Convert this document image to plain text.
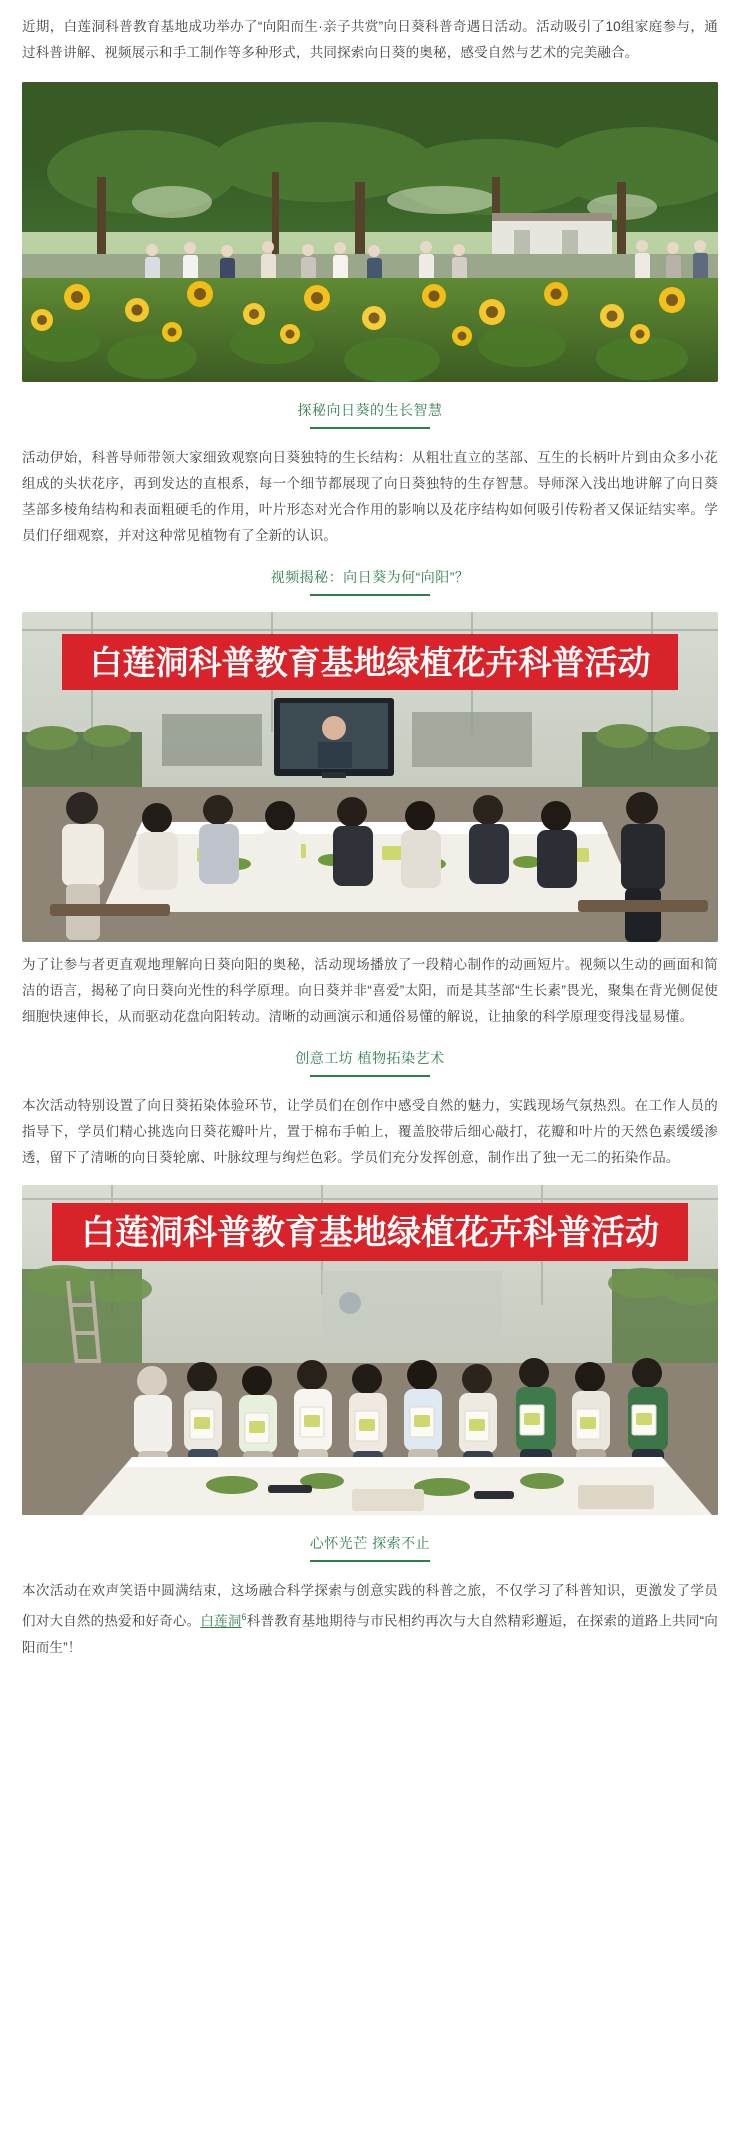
近期，白莲洞科普教育基地成功举办了“向阳而生·亲子共赏”向日葵科普奇遇日活动。活动吸引了10组家庭参与，通过科普讲解、视频展示和手工制作等多种形式，共同探索向日葵的奥秘，感受自然与艺术的完美融合。

探秘向日葵的生长智慧

活动伊始，科普导师带领大家细致观察向日葵独特的生长结构：从粗壮直立的茎部、互生的长柄叶片到由众多小花组成的头状花序，再到发达的直根系，每一个细节都展现了向日葵独特的生存智慧。导师深入浅出地讲解了向日葵茎部多棱角结构和表面粗硬毛的作用，叶片形态对光合作用的影响以及花序结构如何吸引传粉者又保证结实率。学员们仔细观察，并对这种常见植物有了全新的认识。

视频揭秘：向日葵为何“向阳”？
白莲洞科普教育基地绿植花卉科普活动

为了让参与者更直观地理解向日葵向阳的奥秘，活动现场播放了一段精心制作的动画短片。视频以生动的画面和简洁的语言，揭秘了向日葵向光性的科学原理。向日葵并非“喜爱”太阳，而是其茎部“生长素”畏光，聚集在背光侧促使细胞快速伸长，从而驱动花盘向阳转动。清晰的动画演示和通俗易懂的解说，让抽象的科学原理变得浅显易懂。

创意工坊 植物拓染艺术

本次活动特别设置了向日葵拓染体验环节，让学员们在创作中感受自然的魅力，实践现场气氛热烈。在工作人员的指导下，学员们精心挑选向日葵花瓣叶片，置于棉布手帕上，覆盖胶带后细心敲打，花瓣和叶片的天然色素缓缓渗透，留下了清晰的向日葵轮廓、叶脉纹理与绚烂色彩。学员们充分发挥创意，制作出了独一无二的拓染作品。

白莲洞科普教育基地绿植花卉科普活动
心怀光芒 探索不止

本次活动在欢声笑语中圆满结束，这场融合科学探索与创意实践的科普之旅，不仅学习了科普知识，更激发了学员们对大自然的热爱和好奇心。白莲洞$^6$科普教育基地期待与市民相约再次与大自然精彩邂逅，在探索的道路上共同“向阳而生”！
